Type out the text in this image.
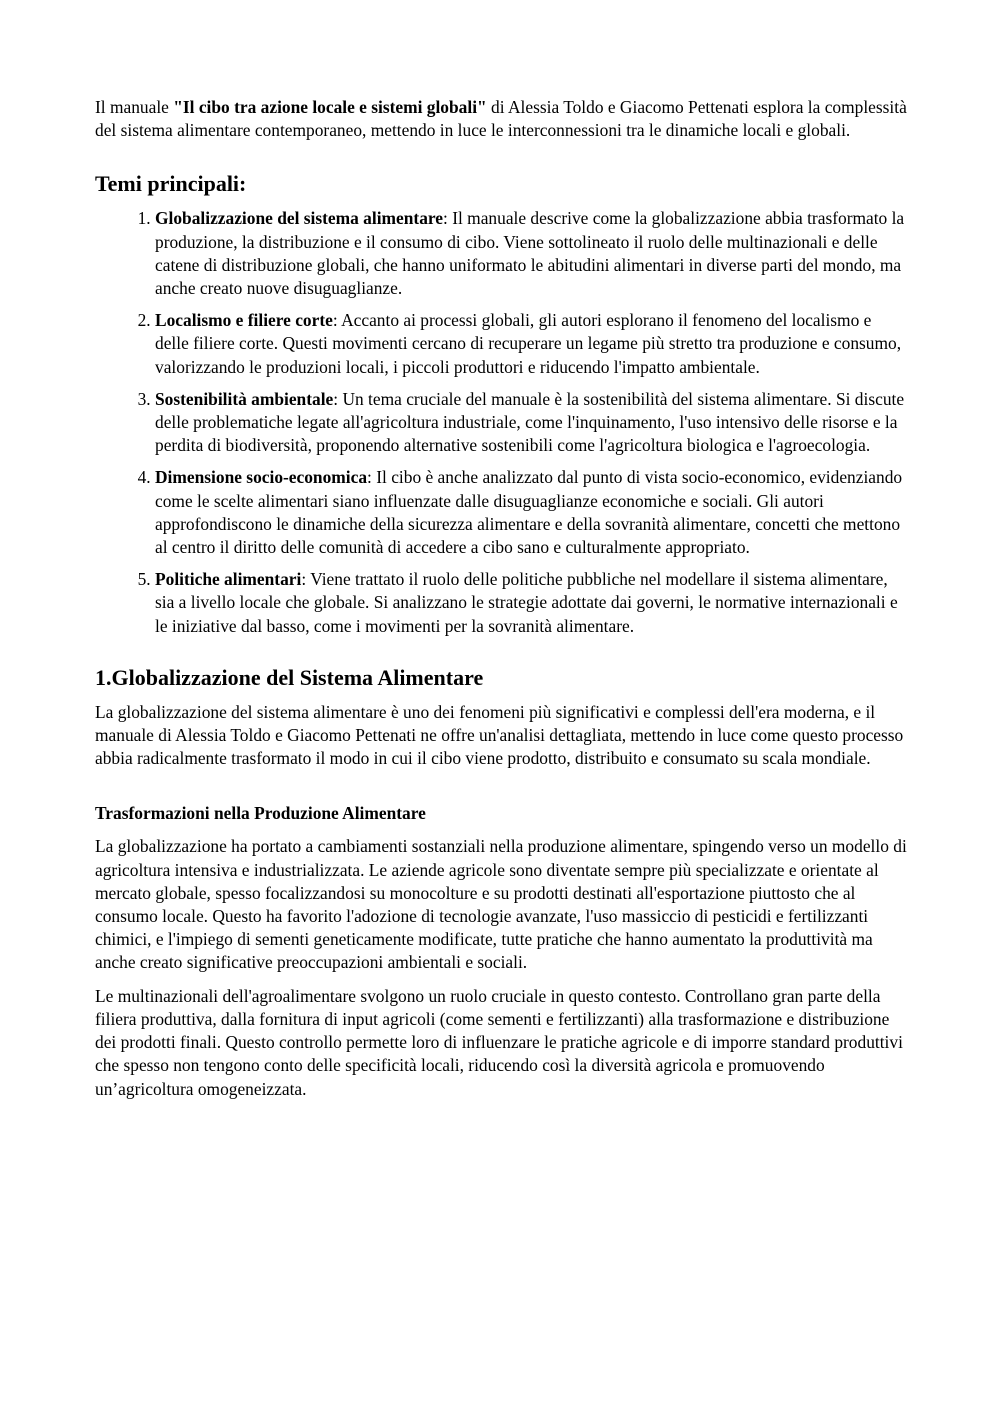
Il manuale "Il cibo tra azione locale e sistemi globali" di Alessia Toldo e Giacomo Pettenati esplora la complessità del sistema alimentare contemporaneo, mettendo in luce le interconnessioni tra le dinamiche locali e globali.

Temi principali:
1. Globalizzazione del sistema alimentare: Il manuale descrive come la globalizzazione abbia trasformato la produzione, la distribuzione e il consumo di cibo. Viene sottolineato il ruolo delle multinazionali e delle catene di distribuzione globali, che hanno uniformato le abitudini alimentari in diverse parti del mondo, ma anche creato nuove disuguaglianze.
2. Localismo e filiere corte: Accanto ai processi globali, gli autori esplorano il fenomeno del localismo e delle filiere corte. Questi movimenti cercano di recuperare un legame più stretto tra produzione e consumo, valorizzando le produzioni locali, i piccoli produttori e riducendo l'impatto ambientale.
3. Sostenibilità ambientale: Un tema cruciale del manuale è la sostenibilità del sistema alimentare. Si discute delle problematiche legate all'agricoltura industriale, come l'inquinamento, l'uso intensivo delle risorse e la perdita di biodiversità, proponendo alternative sostenibili come l'agricoltura biologica e l'agroecologia.
4. Dimensione socio-economica: Il cibo è anche analizzato dal punto di vista socio-economico, evidenziando come le scelte alimentari siano influenzate dalle disuguaglianze economiche e sociali. Gli autori approfondiscono le dinamiche della sicurezza alimentare e della sovranità alimentare, concetti che mettono al centro il diritto delle comunità di accedere a cibo sano e culturalmente appropriato.
5. Politiche alimentari: Viene trattato il ruolo delle politiche pubbliche nel modellare il sistema alimentare, sia a livello locale che globale. Si analizzano le strategie adottate dai governi, le normative internazionali e le iniziative dal basso, come i movimenti per la sovranità alimentare.
1.Globalizzazione del Sistema Alimentare

La globalizzazione del sistema alimentare è uno dei fenomeni più significativi e complessi dell'era moderna, e il manuale di Alessia Toldo e Giacomo Pettenati ne offre un'analisi dettagliata, mettendo in luce come questo processo abbia radicalmente trasformato il modo in cui il cibo viene prodotto, distribuito e consumato su scala mondiale.

Trasformazioni nella Produzione Alimentare

La globalizzazione ha portato a cambiamenti sostanziali nella produzione alimentare, spingendo verso un modello di agricoltura intensiva e industrializzata. Le aziende agricole sono diventate sempre più specializzate e orientate al mercato globale, spesso focalizzandosi su monocolture e su prodotti destinati all'esportazione piuttosto che al consumo locale. Questo ha favorito l'adozione di tecnologie avanzate, l'uso massiccio di pesticidi e fertilizzanti chimici, e l'impiego di sementi geneticamente modificate, tutte pratiche che hanno aumentato la produttività ma anche creato significative preoccupazioni ambientali e sociali.

Le multinazionali dell'agroalimentare svolgono un ruolo cruciale in questo contesto. Controllano gran parte della filiera produttiva, dalla fornitura di input agricoli (come sementi e fertilizzanti) alla trasformazione e distribuzione dei prodotti finali. Questo controllo permette loro di influenzare le pratiche agricole e di imporre standard produttivi che spesso non tengono conto delle specificità locali, riducendo così la diversità agricola e promuovendo un’agricoltura omogeneizzata.
